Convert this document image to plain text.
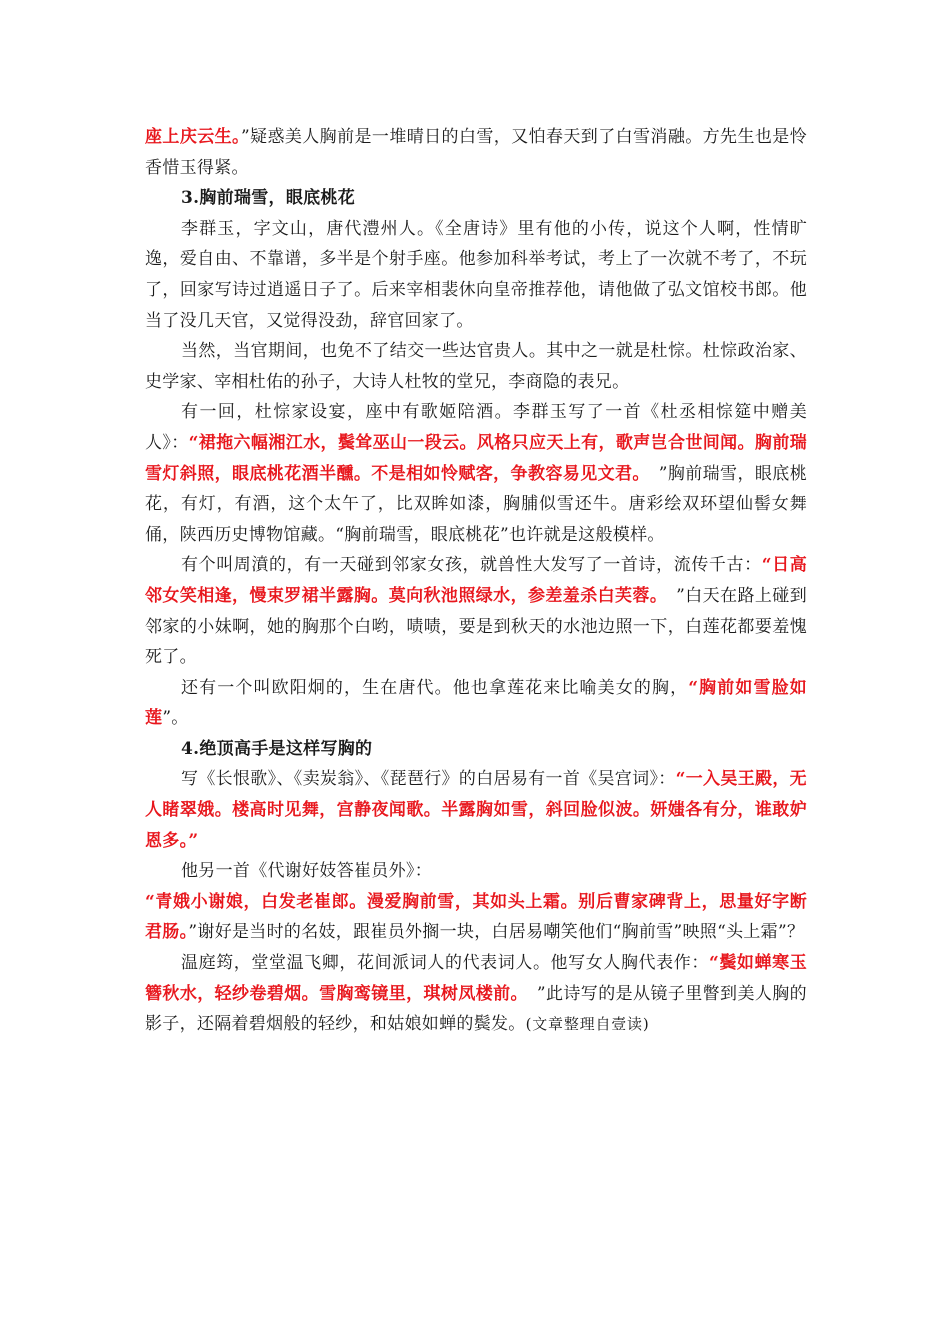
座上庆云生。”疑惑美人胸前是一堆晴日的白雪，又怕春天到了白雪消融。方先生也是怜香惜玉得紧。

3.胸前瑞雪，眼底桃花

李群玉，字文山，唐代澧州人。《全唐诗》里有他的小传，说这个人啊，性情旷逸，爱自由、不靠谱，多半是个射手座。他参加科举考试，考上了一次就不考了，不玩了，回家写诗过逍遥日子了。后来宰相裴休向皇帝推荐他，请他做了弘文馆校书郎。他当了没几天官，又觉得没劲，辞官回家了。

当然，当官期间，也免不了结交一些达官贵人。其中之一就是杜悰。杜悰政治家、史学家、宰相杜佑的孙子，大诗人杜牧的堂兄，李商隐的表兄。

有一回，杜悰家设宴，座中有歌姬陪酒。李群玉写了一首《杜丞相悰筵中赠美人》：“裙拖六幅湘江水，鬓耸巫山一段云。风格只应天上有，歌声岂合世间闻。胸前瑞雪灯斜照，眼底桃花酒半醺。不是相如怜赋客，争教容易见文君。　”胸前瑞雪，眼底桃花，有灯，有酒，这个太午了，比双眸如漆，胸脯似雪还牛。唐彩绘双环望仙髻女舞俑，陕西历史博物馆藏。“胸前瑞雪，眼底桃花”也许就是这般模样。

有个叫周濆的，有一天碰到邻家女孩，就兽性大发写了一首诗，流传千古：“日高邻女笑相逢，慢束罗裙半露胸。莫向秋池照绿水，参差羞杀白芙蓉。　”白天在路上碰到邻家的小妹啊，她的胸那个白哟，啧啧，要是到秋天的水池边照一下，白莲花都要羞愧死了。

还有一个叫欧阳炯的，生在唐代。他也拿莲花来比喻美女的胸，“胸前如雪脸如莲”。

4.绝顶高手是这样写胸的

写《长恨歌》、《卖炭翁》、《琵琶行》的白居易有一首《吴宫词》：“一入吴王殿，无人睹翠娥。楼高时见舞，宫静夜闻歌。半露胸如雪，斜回脸似波。妍媸各有分，谁敢妒恩多。”

他另一首《代谢好妓答崔员外》：

“青娥小谢娘，白发老崔郎。漫爱胸前雪，其如头上霜。别后曹家碑背上，思量好字断君肠。”谢好是当时的名妓，跟崔员外搁一块，白居易嘲笑他们“胸前雪”映照“头上霜”？

温庭筠，堂堂温飞卿，花间派词人的代表词人。他写女人胸代表作：“鬓如蝉寒玉簪秋水，轻纱卷碧烟。雪胸鸾镜里，琪树凤楼前。　”此诗写的是从镜子里瞥到美人胸的影子，还隔着碧烟般的轻纱，和姑娘如蝉的鬓发。(文章整理自壹读)
